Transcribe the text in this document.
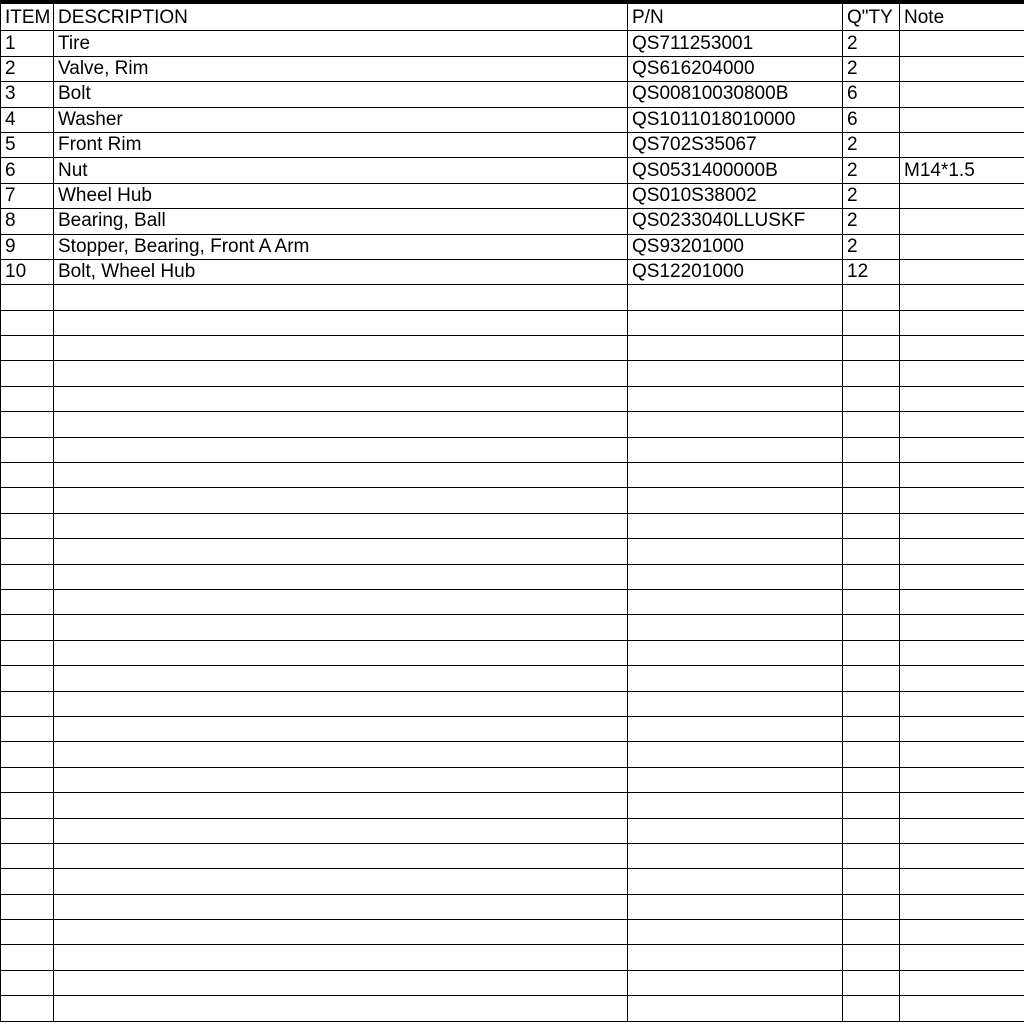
ITEM	DESCRIPTION	P/N	Q"TY	Note
1	Tire	QS711253001	2	
2	Valve, Rim	QS616204000	2	
3	Bolt	QS00810030800B	6	
4	Washer	QS1011018010000	6	
5	Front Rim	QS702S35067	2	
6	Nut	QS0531400000B	2	M14*1.5
7	Wheel Hub	QS010S38002	2	
8	Bearing, Ball	QS0233040LLUSKF	2	
9	Stopper, Bearing, Front A Arm	QS93201000	2	
10	Bolt, Wheel Hub	QS12201000	12	
